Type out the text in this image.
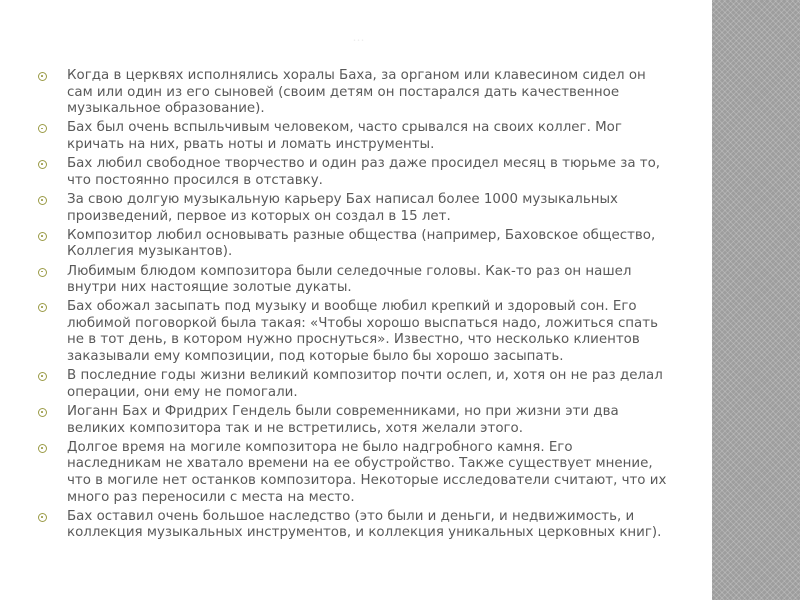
…
Когда в церквях исполнялись хоралы Баха, за органом или клавесином сидел он сам или один из его сыновей (своим детям он постарался дать качественное музыкальное образование).
Бах был очень вспыльчивым человеком, часто срывался на своих коллег. Мог кричать на них, рвать ноты и ломать инструменты.
Бах любил свободное творчество и один раз даже просидел месяц в тюрьме за то, что постоянно просился в отставку.
За свою долгую музыкальную карьеру Бах написал более 1000 музыкальных произведений, первое из которых он создал в 15 лет.
Композитор любил основывать разные общества (например, Баховское общество, Коллегия музыкантов).
Любимым блюдом композитора были селедочные головы. Как-то раз он нашел внутри них настоящие золотые дукаты.
Бах обожал засыпать под музыку и вообще любил крепкий и здоровый сон. Его любимой поговоркой была такая: «Чтобы хорошо выспаться надо, ложиться спать не в тот день, в котором нужно проснуться». Известно, что несколько клиентов заказывали ему композиции, под которые было бы хорошо засыпать.
В последние годы жизни великий композитор почти ослеп, и, хотя он не раз делал операции, они ему не помогали.
Иоганн Бах и Фридрих Гендель были современниками, но при жизни эти два великих композитора так и не встретились, хотя желали этого.
Долгое время на могиле композитора не было надгробного камня. Его наследникам не хватало времени на ее обустройство. Также существует мнение, что в могиле нет останков композитора. Некоторые исследователи считают, что их много раз переносили с места на место.
Бах оставил очень большое наследство (это были и деньги, и недвижимость, и коллекция музыкальных инструментов, и коллекция уникальных церковных книг).
